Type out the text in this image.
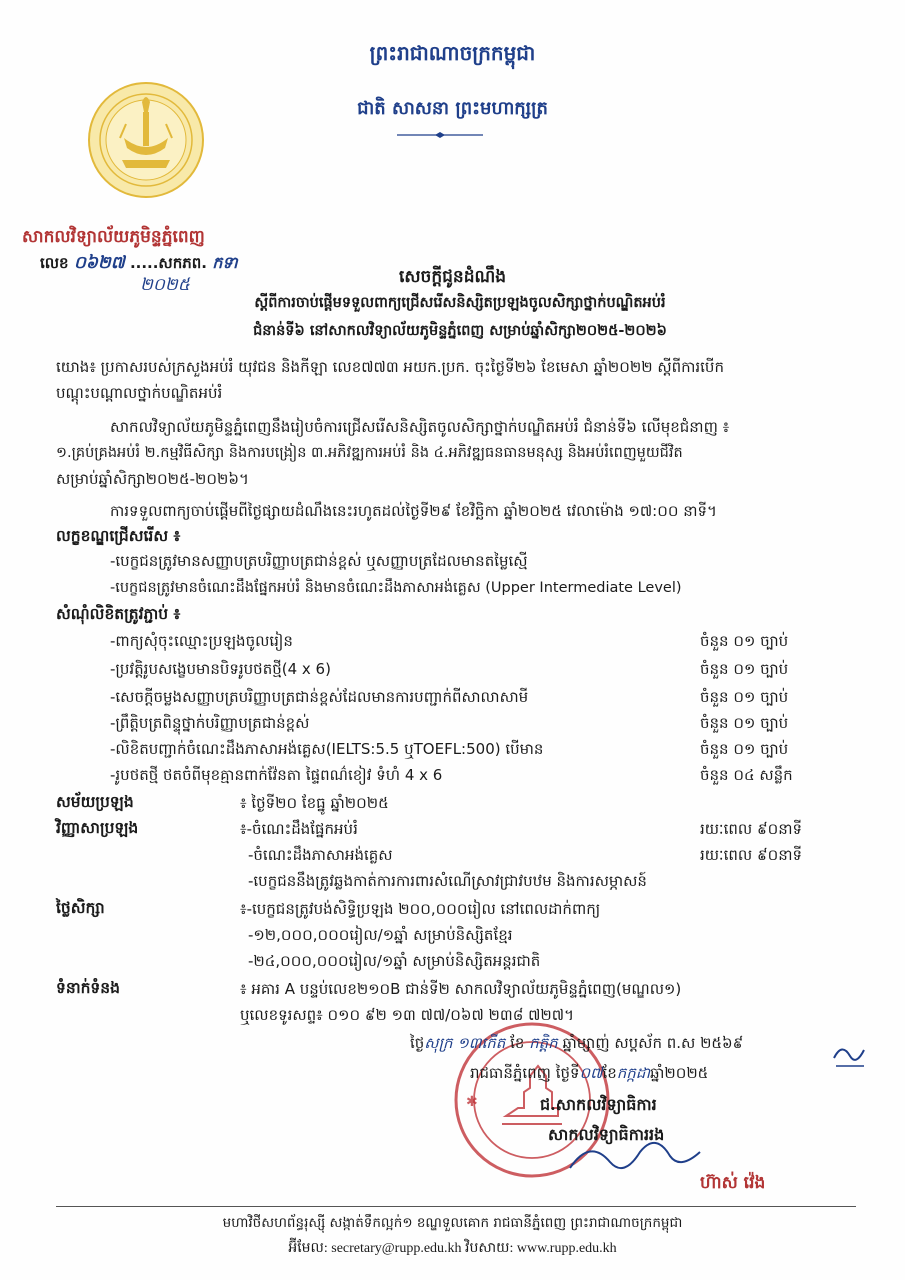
ព្រះរាជាណាចក្រកម្ពុជា
ជាតិ សាសនា ព្រះមហាក្សត្រ
សាកលវិទ្យាល័យភូមិន្ទភ្នំពេញ
លេខ ០៦២៧ .....សកភព. កទា
២០២៥	សេចក្តីជូនដំណឹង
ស្តីពីការចាប់ផ្តើមទទួលពាក្យជ្រើសរើសនិស្សិតប្រឡងចូលសិក្សាថ្នាក់បណ្ឌិតអប់រំ
ជំនាន់ទី៦ នៅសាកលវិទ្យាល័យភូមិន្ទភ្នំពេញ សម្រាប់ឆ្នាំសិក្សា២០២៥-២០២៦
យោង៖ ប្រកាសរបស់ក្រសួងអប់រំ យុវជន និងកីឡា លេខ៧៧៣ អយក.ប្រក. ចុះថ្ងៃទី២៦ ខែមេសា ឆ្នាំ២០២២ ស្តីពីការបើក
បណ្តុះបណ្តាលថ្នាក់បណ្ឌិតអប់រំ
សាកលវិទ្យាល័យភូមិន្ទភ្នំពេញនឹងរៀបចំការជ្រើសរើសនិស្សិតចូលសិក្សាថ្នាក់បណ្ឌិតអប់រំ ជំនាន់ទី៦ លើមុខជំនាញ ៖
១.គ្រប់គ្រងអប់រំ ២.កម្មវិធីសិក្សា និងការបង្រៀន ៣.អភិវឌ្ឍការអប់រំ និង ៤.អភិវឌ្ឍធនធានមនុស្ស និងអប់រំពេញមួយជីវិត
សម្រាប់ឆ្នាំសិក្សា២០២៥-២០២៦។
ការទទួលពាក្យចាប់ផ្តើមពីថ្ងៃផ្សាយដំណឹងនេះរហូតដល់ថ្ងៃទី២៩ ខែវិច្ឆិកា ឆ្នាំ២០២៥ វេលាម៉ោង ១៧:០០ នាទី។
លក្ខខណ្ឌជ្រើសរើស ៖
-បេក្ខជនត្រូវមានសញ្ញាបត្របរិញ្ញាបត្រជាន់ខ្ពស់ ឬសញ្ញាបត្រដែលមានតម្លៃស្មើ
-បេក្ខជនត្រូវមានចំណេះដឹងផ្នែកអប់រំ និងមានចំណេះដឹងភាសាអង់គ្លេស (Upper Intermediate Level)
សំណុំលិខិតត្រូវភ្ជាប់ ៖
-ពាក្យសុំចុះឈ្មោះប្រឡងចូលរៀន	ចំនួន ០១ ច្បាប់
-ប្រវត្តិរូបសង្ខេបមានបិទរូបថតថ្មី(4 x 6)	ចំនួន ០១ ច្បាប់
-សេចក្តីចម្លងសញ្ញាបត្របរិញ្ញាបត្រជាន់ខ្ពស់ដែលមានការបញ្ជាក់ពីសាលាសាមី	ចំនួន ០១ ច្បាប់
-ព្រឹត្តិបត្រពិន្ទុថ្នាក់បរិញ្ញាបត្រជាន់ខ្ពស់	ចំនួន ០១ ច្បាប់
-លិខិតបញ្ជាក់ចំណេះដឹងភាសាអង់គ្លេស(IELTS:5.5 ឬTOEFL:500) បើមាន	ចំនួន ០១ ច្បាប់
-រូបថតថ្មី ថតចំពីមុខគ្មានពាក់វ៉ែនតា ផ្ទៃពណ៌ខៀវ ទំហំ 4 x 6	ចំនួន ០៤ សន្លឹក
សម័យប្រឡង	៖ ថ្ងៃទី២០ ខែធ្នូ ឆ្នាំ២០២៥
វិញ្ញាសាប្រឡង	៖-ចំណេះដឹងផ្នែកអប់រំ	រយៈពេល ៩០នាទី
-ចំណេះដឹងភាសាអង់គ្លេស	រយៈពេល ៩០នាទី
-បេក្ខជននឹងត្រូវឆ្លងកាត់ការការពារសំណើស្រាវជ្រាវបឋម និងការសម្ភាសន៍
ថ្លៃសិក្សា	៖-បេក្ខជនត្រូវបង់សិទ្ធិប្រឡង ២០០,០០០រៀល នៅពេលដាក់ពាក្យ
-១២,០០០,០០០រៀល/១ឆ្នាំ សម្រាប់និស្សិតខ្មែរ
-២៤,០០០,០០០រៀល/១ឆ្នាំ សម្រាប់និស្សិតអន្តរជាតិ
ទំនាក់ទំនង	៖ អគារ A បន្ទប់លេខ២១០B ជាន់ទី២ សាកលវិទ្យាល័យភូមិន្ទភ្នំពេញ(មណ្ឌល១)
ឬលេខទូរសព្ទ៖ ០១០ ៩២ ១៣ ៧៧/០៦៧ ២៣៨ ៧២៧។
✱
ថ្ងៃសុក្រ ១៣កើត ខែ កត្តិក ឆ្នាំម្សាញ់ សប្តស័ក ព.ស ២៥៦៩
រាជធានីភ្នំពេញ ថ្ងៃទី០៧ខែកក្កដាឆ្នាំ២០២៥
ជ.សាកលវិទ្យាធិការ
សាកលវិទ្យាធិការរង
ហ៊ាស់ វ៉េង
មហាវិថីសហព័ន្ធរុស្ស៊ី សង្កាត់ទឹកល្អក់១ ខណ្ឌទួលគោក រាជធានីភ្នំពេញ ព្រះរាជាណាចក្រកម្ពុជា
អ៊ីមែល: secretary@rupp.edu.kh វិបសាយ: www.rupp.edu.kh
